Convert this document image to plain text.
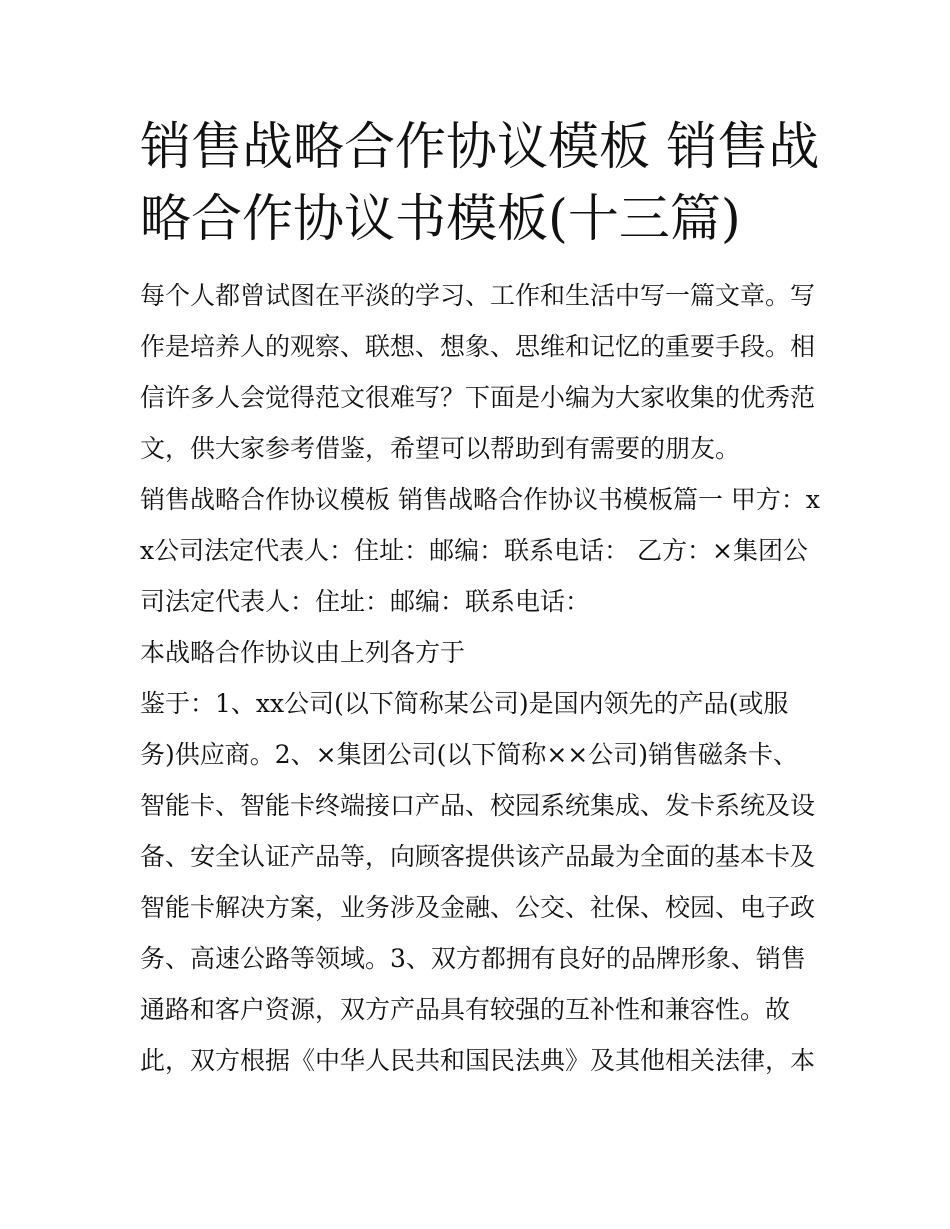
销售战略合作协议模板 销售战略合作协议书模板(十三篇)

每个人都曾试图在平淡的学习、工作和生活中写一篇文章。写作是培养人的观察、联想、想象、思维和记忆的重要手段。相信许多人会觉得范文很难写？下面是小编为大家收集的优秀范文，供大家参考借鉴，希望可以帮助到有需要的朋友。

销售战略合作协议模板 销售战略合作协议书模板篇一 甲方：xx公司法定代表人：住址：邮编：联系电话： 乙方：×集团公司法定代表人：住址：邮编：联系电话：

本战略合作协议由上列各方于

鉴于：1、xx公司(以下简称某公司)是国内领先的产品(或服务)供应商。2、×集团公司(以下简称××公司)销售磁条卡、智能卡、智能卡终端接口产品、校园系统集成、发卡系统及设备、安全认证产品等，向顾客提供该产品最为全面的基本卡及智能卡解决方案，业务涉及金融、公交、社保、校园、电子政务、高速公路等领域。3、双方都拥有良好的品牌形象、销售通路和客户资源，双方产品具有较强的互补性和兼容性。故此，双方根据《中华人民共和国民法典》及其他相关法律，本
